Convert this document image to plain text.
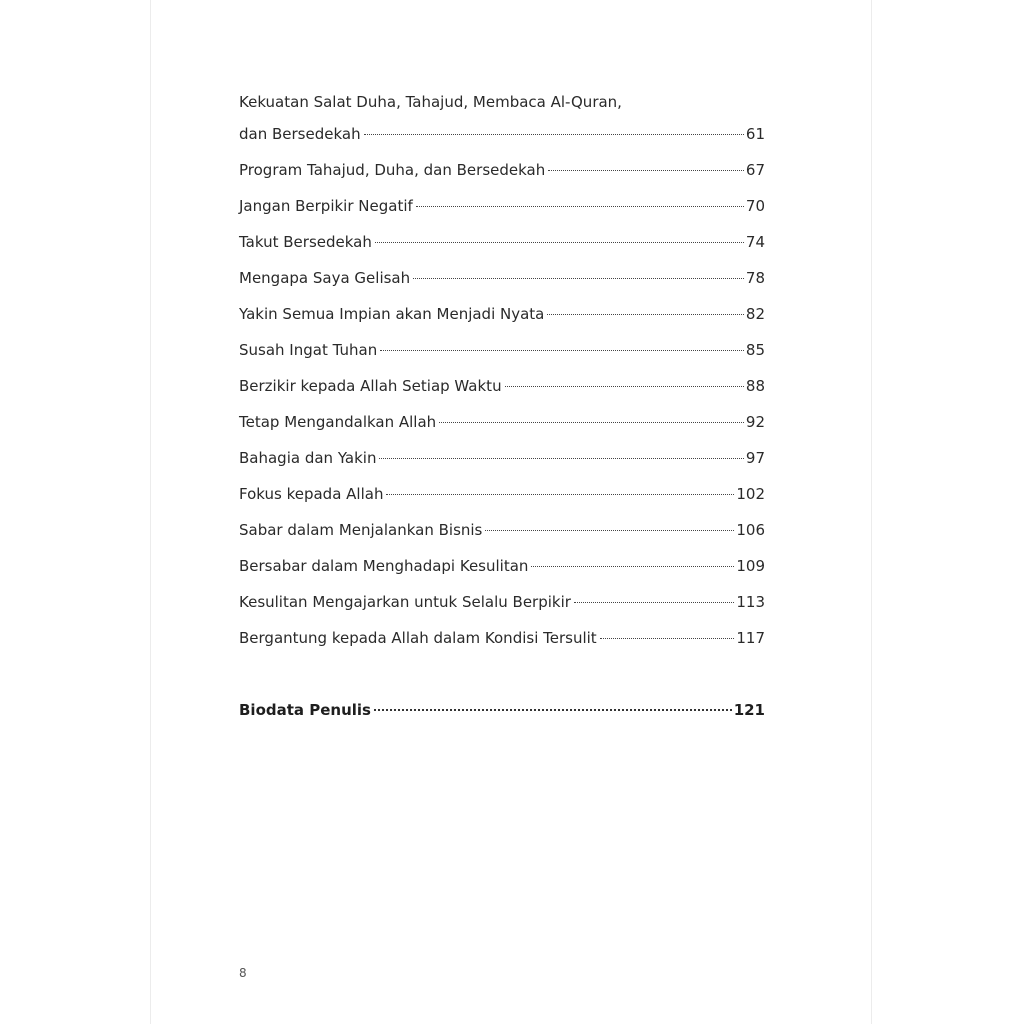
Kekuatan Salat Duha, Tahajud, Membaca Al-Quran,
dan Bersedekah	61
Program Tahajud, Duha, dan Bersedekah	67
Jangan Berpikir Negatif	70
Takut Bersedekah	74
Mengapa Saya Gelisah	78
Yakin Semua Impian akan Menjadi Nyata	82
Susah Ingat Tuhan	85
Berzikir kepada Allah Setiap Waktu	88
Tetap Mengandalkan Allah	92
Bahagia dan Yakin	97
Fokus kepada Allah	102
Sabar dalam Menjalankan Bisnis	106
Bersabar dalam Menghadapi Kesulitan	109
Kesulitan Mengajarkan untuk Selalu Berpikir	113
Bergantung kepada Allah dalam Kondisi Tersulit	117
Biodata Penulis	121
8
